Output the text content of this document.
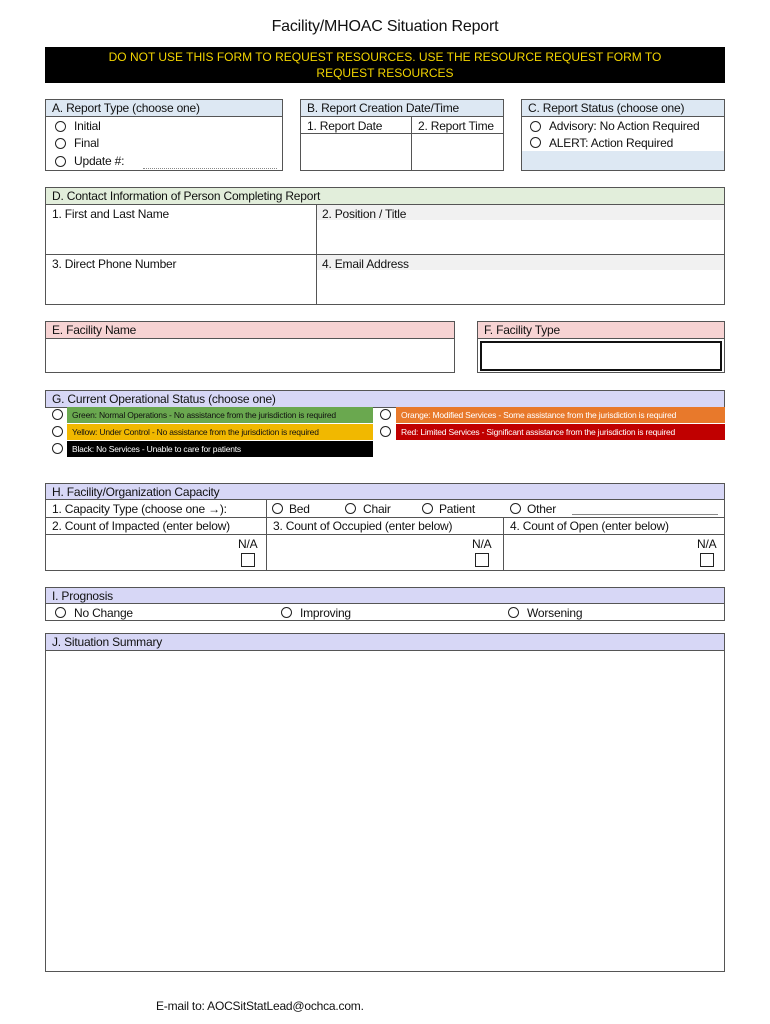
Facility/MHOAC Situation Report
DO NOT USE THIS FORM TO REQUEST RESOURCES. USE THE RESOURCE REQUEST FORM TO
REQUEST RESOURCES
A. Report Type (choose one)
Initial
Final
Update #:
B. Report Creation Date/Time
1. Report Date	2. Report Time
C. Report Status (choose one)
Advisory: No Action Required
ALERT: Action Required
D. Contact Information of Person Completing Report
1. First and Last Name	2. Position / Title
3. Direct Phone Number	4. Email Address
E. Facility Name	F. Facility Type
G. Current Operational Status (choose one)
Green: Normal Operations - No assistance from the jurisdiction is required
Yellow: Under Control - No assistance from the jurisdiction is required
Black: No Services - Unable to care for patients
Orange: Modified Services - Some assistance from the jurisdiction is required
Red: Limited Services - Significant assistance from the jurisdiction is required
H. Facility/Organization Capacity
1. Capacity Type (choose one →):	Bed	Chair	Patient	Other
2. Count of Impacted (enter below)	3. Count of Occupied (enter below)	4. Count of Open (enter below)
N/A	N/A	N/A
I. Prognosis
No Change	Improving	Worsening
J. Situation Summary
E-mail to: AOCSitStatLead@ochca.com.
